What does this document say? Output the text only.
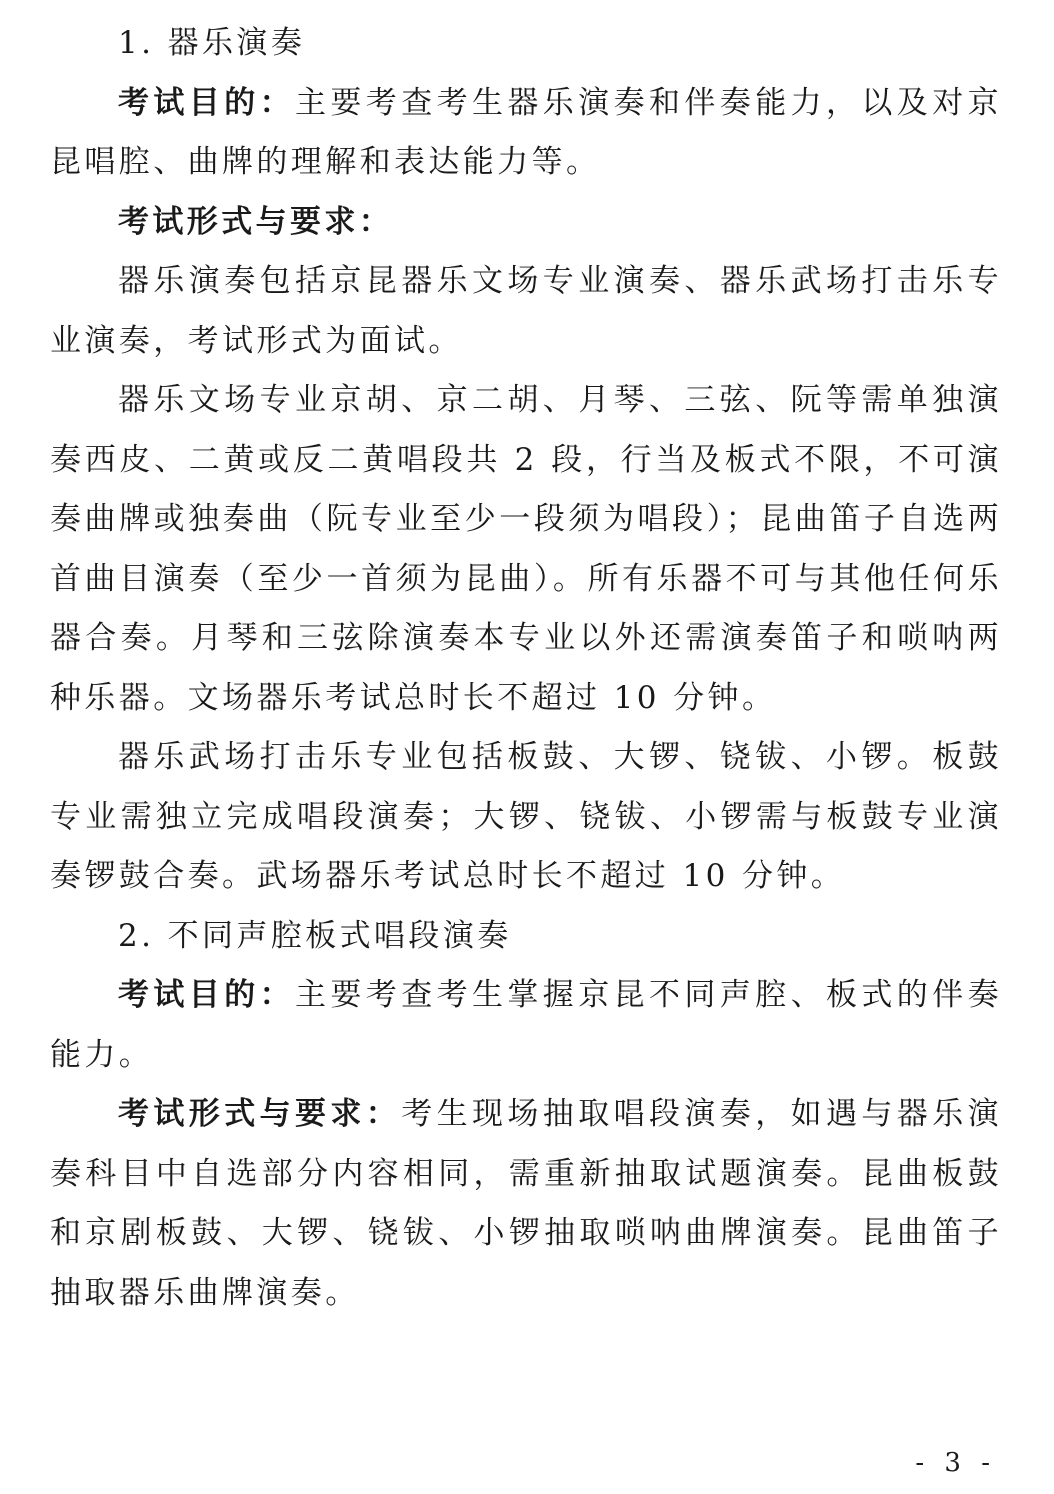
1. 器乐演奏

考试目的：主要考查考生器乐演奏和伴奏能力，以及对京昆唱腔、曲牌的理解和表达能力等。

考试形式与要求：

器乐演奏包括京昆器乐文场专业演奏、器乐武场打击乐专业演奏，考试形式为面试。

器乐文场专业京胡、京二胡、月琴、三弦、阮等需单独演奏西皮、二黄或反二黄唱段共 2 段，行当及板式不限，不可演奏曲牌或独奏曲（阮专业至少一段须为唱段）；昆曲笛子自选两首曲目演奏（至少一首须为昆曲）。所有乐器不可与其他任何乐器合奏。月琴和三弦除演奏本专业以外还需演奏笛子和唢呐两种乐器。文场器乐考试总时长不超过 10 分钟。

器乐武场打击乐专业包括板鼓、大锣、铙钹、小锣。板鼓专业需独立完成唱段演奏；大锣、铙钹、小锣需与板鼓专业演奏锣鼓合奏。武场器乐考试总时长不超过 10 分钟。

2. 不同声腔板式唱段演奏

考试目的：主要考查考生掌握京昆不同声腔、板式的伴奏能力。

考试形式与要求：考生现场抽取唱段演奏，如遇与器乐演奏科目中自选部分内容相同，需重新抽取试题演奏。昆曲板鼓和京剧板鼓、大锣、铙钹、小锣抽取唢呐曲牌演奏。昆曲笛子抽取器乐曲牌演奏。

- 3 -
